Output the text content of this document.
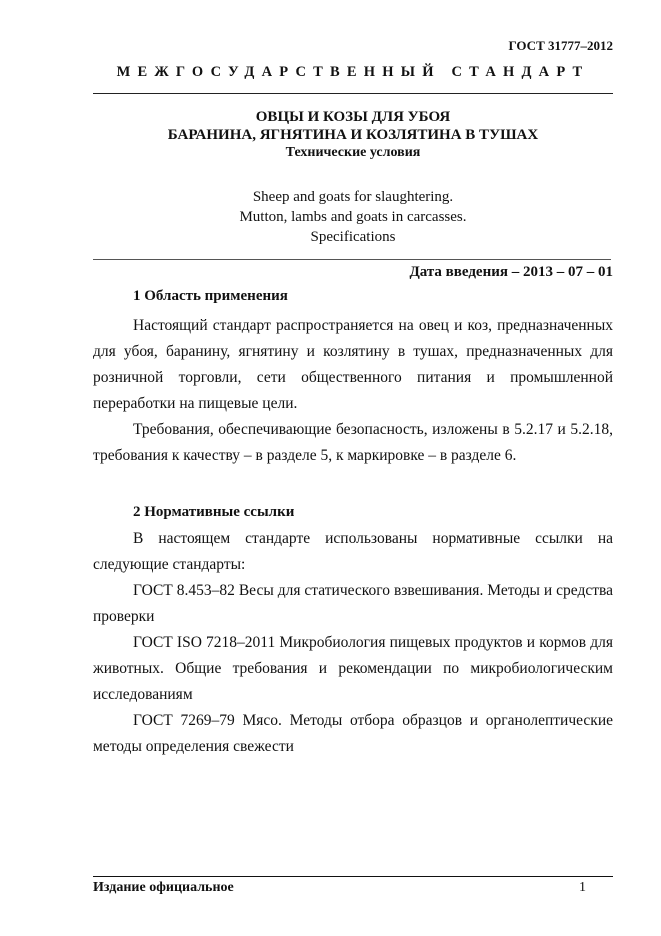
ГОСТ 31777–2012
МЕЖГОСУДАРСТВЕННЫЙ СТАНДАРТ
ОВЦЫ И КОЗЫ ДЛЯ УБОЯ
БАРАНИНА, ЯГНЯТИНА И КОЗЛЯТИНА В ТУШАХ
Технические условия
Sheep and goats for slaughtering.
Mutton, lambs and goats in carcasses.
Specifications
Дата введения – 2013 – 07 – 01
1 Область применения

Настоящий стандарт распространяется на овец и коз, предназначенных для убоя, баранину, ягнятину и козлятину в тушах, предназначенных для розничной торговли, сети общественного питания и промышленной переработки на пищевые цели.

Требования, обеспечивающие безопасность, изложены в 5.2.17 и 5.2.18, требования к качеству – в разделе 5, к маркировке – в разделе 6.

2 Нормативные ссылки

В настоящем стандарте использованы нормативные ссылки на следующие стандарты:

ГОСТ 8.453–82 Весы для статического взвешивания. Методы и средства проверки

ГОСТ ISO 7218–2011 Микробиология пищевых продуктов и кормов для животных. Общие требования и рекомендации по микробиологическим исследованиям

ГОСТ 7269–79 Мясо. Методы отбора образцов и органолептические методы определения свежести

Издание официальное	1
